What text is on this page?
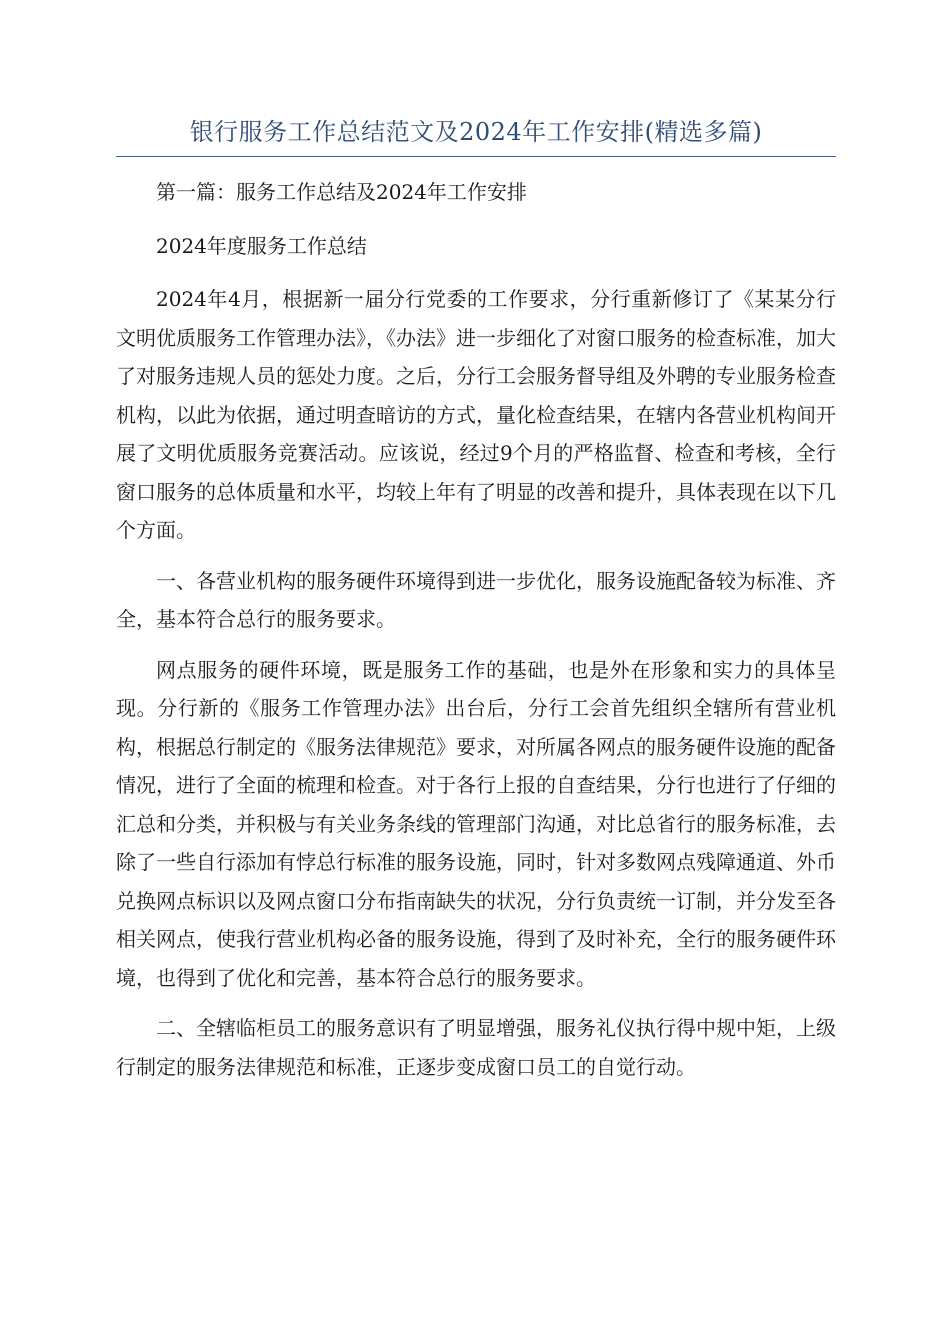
银行服务工作总结范文及2024年工作安排(精选多篇)

第一篇：服务工作总结及2024年工作安排

2024年度服务工作总结

2024年4月，根据新一届分行党委的工作要求，分行重新修订了《某某分行文明优质服务工作管理办法》，《办法》进一步细化了对窗口服务的检查标准，加大了对服务违规人员的惩处力度。之后，分行工会服务督导组及外聘的专业服务检查机构，以此为依据，通过明查暗访的方式，量化检查结果，在辖内各营业机构间开展了文明优质服务竞赛活动。应该说，经过9个月的严格监督、检查和考核，全行窗口服务的总体质量和水平，均较上年有了明显的改善和提升，具体表现在以下几个方面。

一、各营业机构的服务硬件环境得到进一步优化，服务设施配备较为标准、齐全，基本符合总行的服务要求。

网点服务的硬件环境，既是服务工作的基础，也是外在形象和实力的具体呈现。分行新的《服务工作管理办法》出台后，分行工会首先组织全辖所有营业机构，根据总行制定的《服务法律规范》要求，对所属各网点的服务硬件设施的配备情况，进行了全面的梳理和检查。对于各行上报的自查结果，分行也进行了仔细的汇总和分类，并积极与有关业务条线的管理部门沟通，对比总省行的服务标准，去除了一些自行添加有悖总行标准的服务设施，同时，针对多数网点残障通道、外币兑换网点标识以及网点窗口分布指南缺失的状况，分行负责统一订制，并分发至各相关网点，使我行营业机构必备的服务设施，得到了及时补充，全行的服务硬件环境，也得到了优化和完善，基本符合总行的服务要求。

二、全辖临柜员工的服务意识有了明显增强，服务礼仪执行得中规中矩，上级行制定的服务法律规范和标准，正逐步变成窗口员工的自觉行动。
